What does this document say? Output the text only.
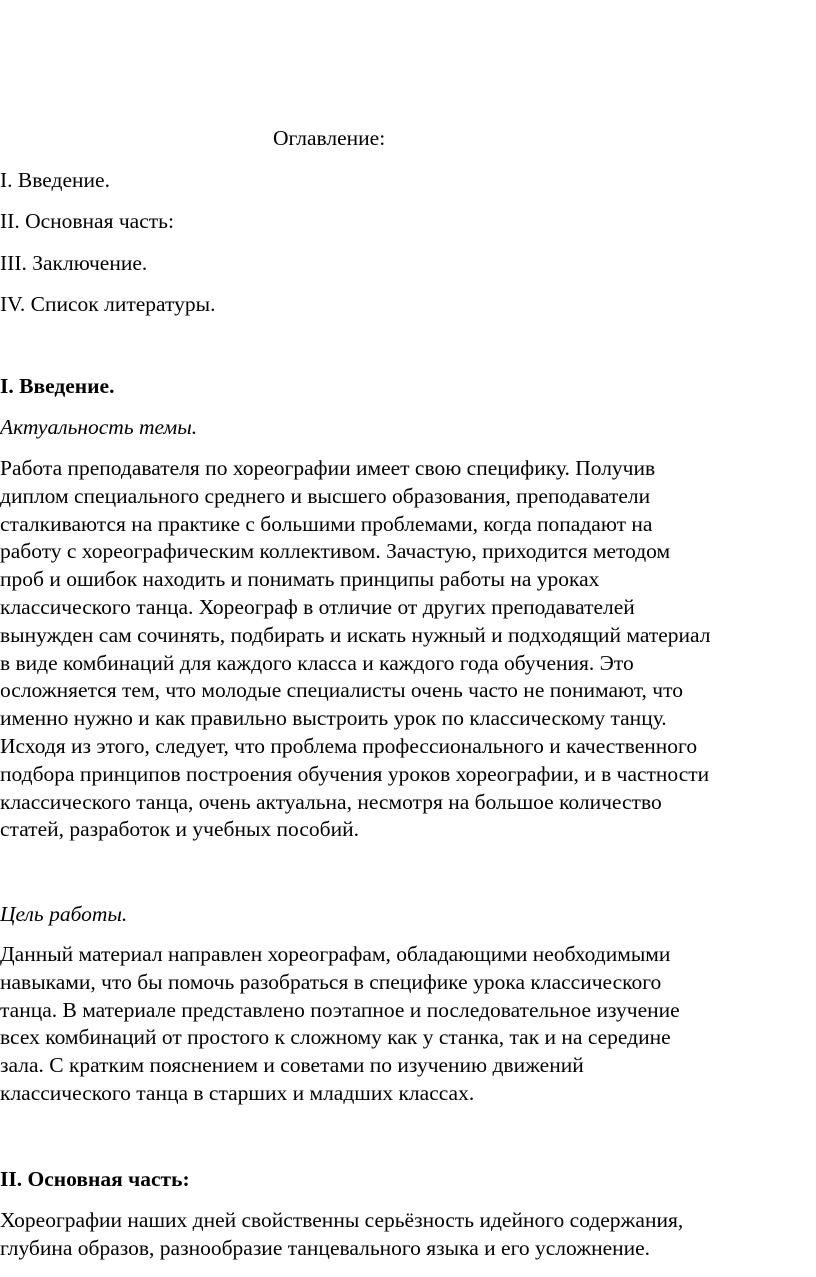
Оглавление:
I. Введение.
II. Основная часть:
III. Заключение.
IV. Список литературы.
I. Введение.
Актуальность темы.
Работа преподавателя по хореографии имеет свою специфику. Получив
диплом специального среднего и высшего образования, преподаватели
сталкиваются на практике с большими проблемами, когда попадают на
работу с хореографическим коллективом. Зачастую, приходится методом
проб и ошибок находить и понимать принципы работы на уроках
классического танца. Хореограф в отличие от других преподавателей
вынужден сам сочинять, подбирать и искать нужный и подходящий материал
в виде комбинаций для каждого класса и каждого года обучения. Это
осложняется тем, что молодые специалисты очень часто не понимают, что
именно нужно и как правильно выстроить урок по классическому танцу.
Исходя из этого, следует, что проблема профессионального и качественного
подбора принципов построения обучения уроков хореографии, и в частности
классического танца, очень актуальна, несмотря на большое количество
статей, разработок и учебных пособий.
Цель работы.
Данный материал направлен хореографам, обладающими необходимыми
навыками, что бы помочь разобраться в специфике урока классического
танца. В материале представлено поэтапное и последовательное изучение
всех комбинаций от простого к сложному как у станка, так и на середине
зала. С кратким пояснением и советами по изучению движений
классического танца в старших и младших классах.
II. Основная часть:
Хореографии наших дней свойственны серьёзность идейного содержания,
глубина образов, разнообразие танцевального языка и его усложнение.
